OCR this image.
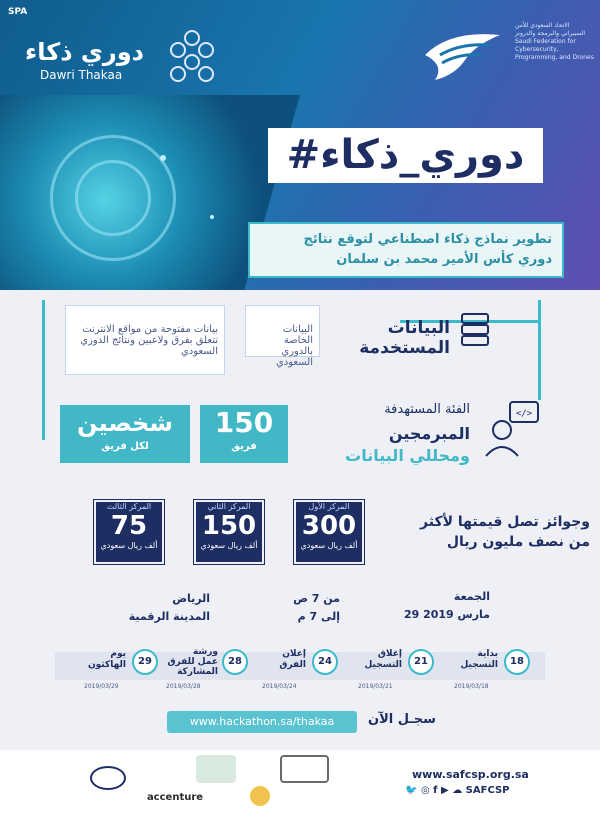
SPA
دوري ذكاء
Dawri Thakaa
الاتحاد السعودي للأمن السيبراني والبرمجة والدرونز
Saudi Federation for Cybersecurity, Programming, and Drones
#دوري_ذكاء
تطوير نماذج ذكاء اصطناعي لتوقع نتائج
دوري كأس الأمير محمد بن سلمان
البيانات
المستخدمة
البيانات الخاصة بالدوري السعودي
بيانات مفتوحة من مواقع الانترنت تتعلق بفرق ولاعبين ونتائج الدوري السعودي
</>
الفئة المستهدفة
المبرمجين
ومحللي البيانات
150
فريق
شخصين
لكل فريق
وجوائز تصل قيمتها لأكثر
من نصف مليون ريال
المركز الأول
300
ألف ريال سعودي
المركز الثاني
150
ألف ريال سعودي
المركز الثالث
75
ألف ريال سعودي
الجمعة
29 مارس 2019
من 7 ص
إلى 7 م
الرياض
المدينة الرقمية
18
بداية
التسجيل
2019/03/18
21
إغلاق
التسجيل
2019/03/21
24
إعلان
الفرق
2019/03/24
28
ورشة
عمل للفرق المشاركة
2019/03/28
29
يوم
الهاكثون
2019/03/29
سجـل الآن
www.hackathon.sa/thakaa
accenture
www.safcsp.org.sa
🐦 ◎ f ▶ ☁ SAFCSP
